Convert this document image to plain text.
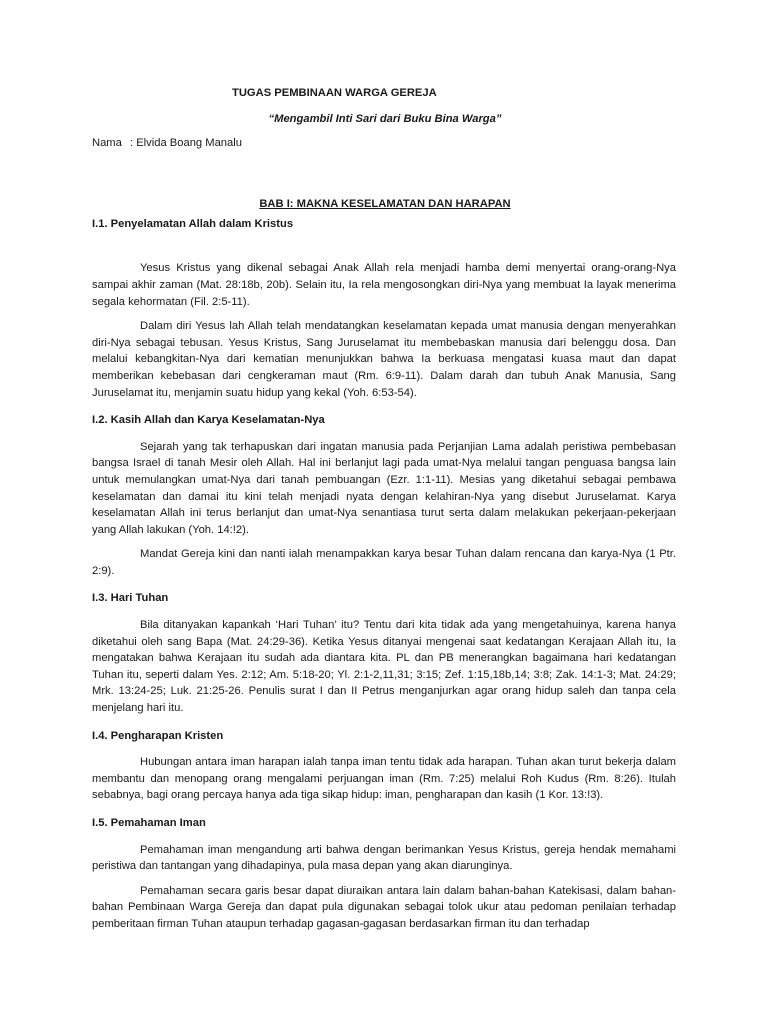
TUGAS PEMBINAAN WARGA GEREJA

“Mengambil Inti Sari dari Buku Bina Warga”

Nama : Elvida Boang Manalu

BAB I: MAKNA KESELAMATAN DAN HARAPAN

I.1. Penyelamatan Allah dalam Kristus

Yesus Kristus yang dikenal sebagai Anak Allah rela menjadi hamba demi menyertai orang-orang-Nya sampai akhir zaman (Mat. 28:18b, 20b). Selain itu, Ia rela mengosongkan diri-Nya yang membuat Ia layak menerima segala kehormatan (Fil. 2:5-11).

Dalam diri Yesus lah Allah telah mendatangkan keselamatan kepada umat manusia dengan menyerahkan diri-Nya sebagai tebusan. Yesus Kristus, Sang Juruselamat itu membebaskan manusia dari belenggu dosa. Dan melalui kebangkitan-Nya dari kematian menunjukkan bahwa Ia berkuasa mengatasi kuasa maut dan dapat memberikan kebebasan dari cengkeraman maut (Rm. 6:9-11). Dalam darah dan tubuh Anak Manusia, Sang Juruselamat itu, menjamin suatu hidup yang kekal (Yoh. 6:53-54).

I.2. Kasih Allah dan Karya Keselamatan-Nya

Sejarah yang tak terhapuskan dari ingatan manusia pada Perjanjian Lama adalah peristiwa pembebasan bangsa Israel di tanah Mesir oleh Allah. Hal ini berlanjut lagi pada umat-Nya melalui tangan penguasa bangsa lain untuk memulangkan umat-Nya dari tanah pembuangan (Ezr. 1:1-11). Mesias yang diketahui sebagai pembawa keselamatan dan damai itu kini telah menjadi nyata dengan kelahiran-Nya yang disebut Juruselamat. Karya keselamatan Allah ini terus berlanjut dan umat-Nya senantiasa turut serta dalam melakukan pekerjaan-pekerjaan yang Allah lakukan (Yoh. 14:!2).

Mandat Gereja kini dan nanti ialah menampakkan karya besar Tuhan dalam rencana dan karya-Nya (1 Ptr. 2:9).

I.3. Hari Tuhan

Bila ditanyakan kapankah ‘Hari Tuhan’ itu? Tentu dari kita tidak ada yang mengetahuinya, karena hanya diketahui oleh sang Bapa (Mat. 24:29-36). Ketika Yesus ditanyai mengenai saat kedatangan Kerajaan Allah itu, Ia mengatakan bahwa Kerajaan itu sudah ada diantara kita. PL dan PB menerangkan bagaimana hari kedatangan Tuhan itu, seperti dalam Yes. 2:12; Am. 5:18-20; Yl. 2:1-2,11,31; 3:15; Zef. 1:15,18b,14; 3:8; Zak. 14:1-3; Mat. 24:29; Mrk. 13:24-25; Luk. 21:25-26. Penulis surat I dan II Petrus menganjurkan agar orang hidup saleh dan tanpa cela menjelang hari itu.

I.4. Pengharapan Kristen

Hubungan antara iman harapan ialah tanpa iman tentu tidak ada harapan. Tuhan akan turut bekerja dalam membantu dan menopang orang mengalami perjuangan iman (Rm. 7:25) melalui Roh Kudus (Rm. 8:26). Itulah sebabnya, bagi orang percaya hanya ada tiga sikap hidup: iman, pengharapan dan kasih (1 Kor. 13:!3).

I.5. Pemahaman Iman

Pemahaman iman mengandung arti bahwa dengan berimankan Yesus Kristus, gereja hendak memahami peristiwa dan tantangan yang dihadapinya, pula masa depan yang akan diarunginya.

Pemahaman secara garis besar dapat diuraikan antara lain dalam bahan-bahan Katekisasi, dalam bahan-bahan Pembinaan Warga Gereja dan dapat pula digunakan sebagai tolok ukur atau pedoman penilaian terhadap pemberitaan firman Tuhan ataupun terhadap gagasan-gagasan berdasarkan firman itu dan terhadap
